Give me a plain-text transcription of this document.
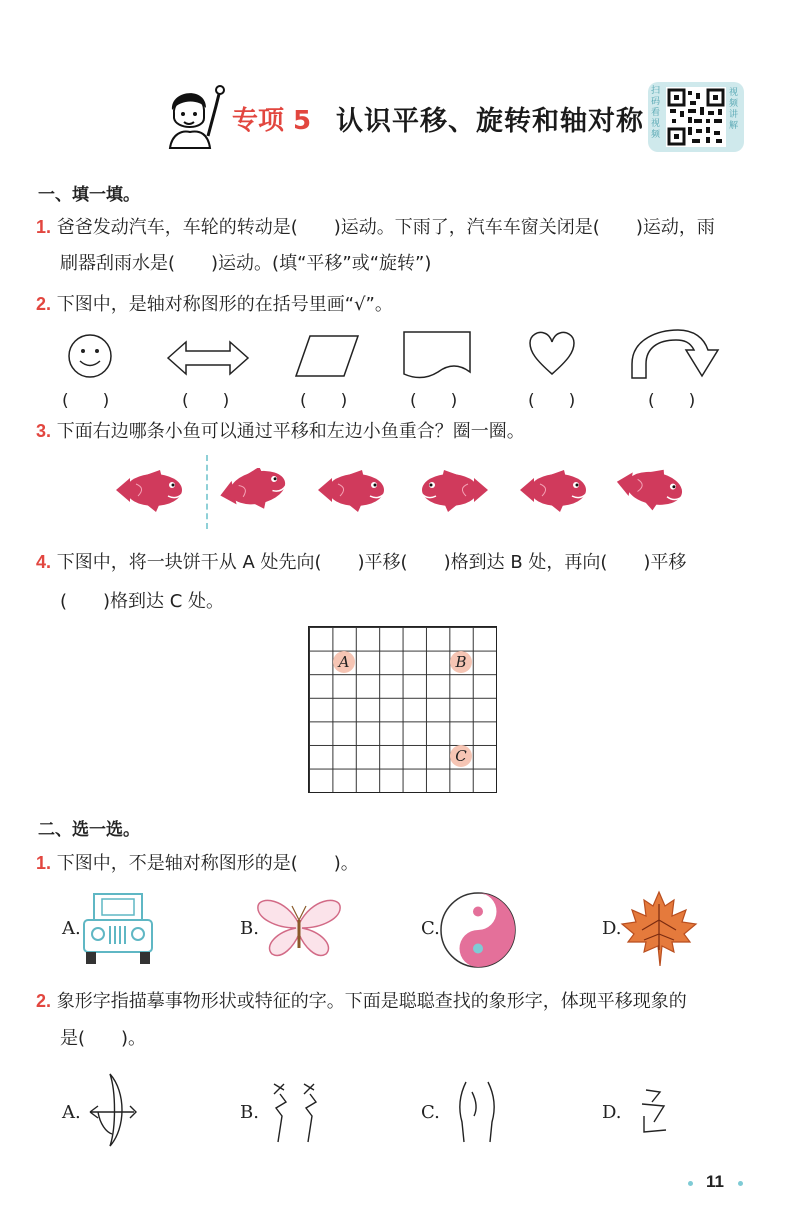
专项 5 认识平移、旋转和轴对称
扫码看视频
视频讲解
一、填一填。
1. 爸爸发动汽车，车轮的转动是(　　)运动。下雨了，汽车车窗关闭是(　　)运动，雨
刷器刮雨水是(　　)运动。(填“平移”或“旋转”)
2. 下图中，是轴对称图形的在括号里画“√”。
(　　)	(　　)	(　　)	(　　)	(　　)	(　　)
3. 下面右边哪条小鱼可以通过平移和左边小鱼重合？圈一圈。
4. 下图中，将一块饼干从 A 处先向(　　)平移(　　)格到达 B 处，再向(　　)平移
(　　)格到达 C 处。
A	B
C
二、选一选。
1. 下图中，不是轴对称图形的是(　　)。
A.	B.	C.	D.
2. 象形字指描摹事物形状或特征的字。下面是聪聪查找的象形字，体现平移现象的
是(　　)。
A.	B.	C.	D.
11
